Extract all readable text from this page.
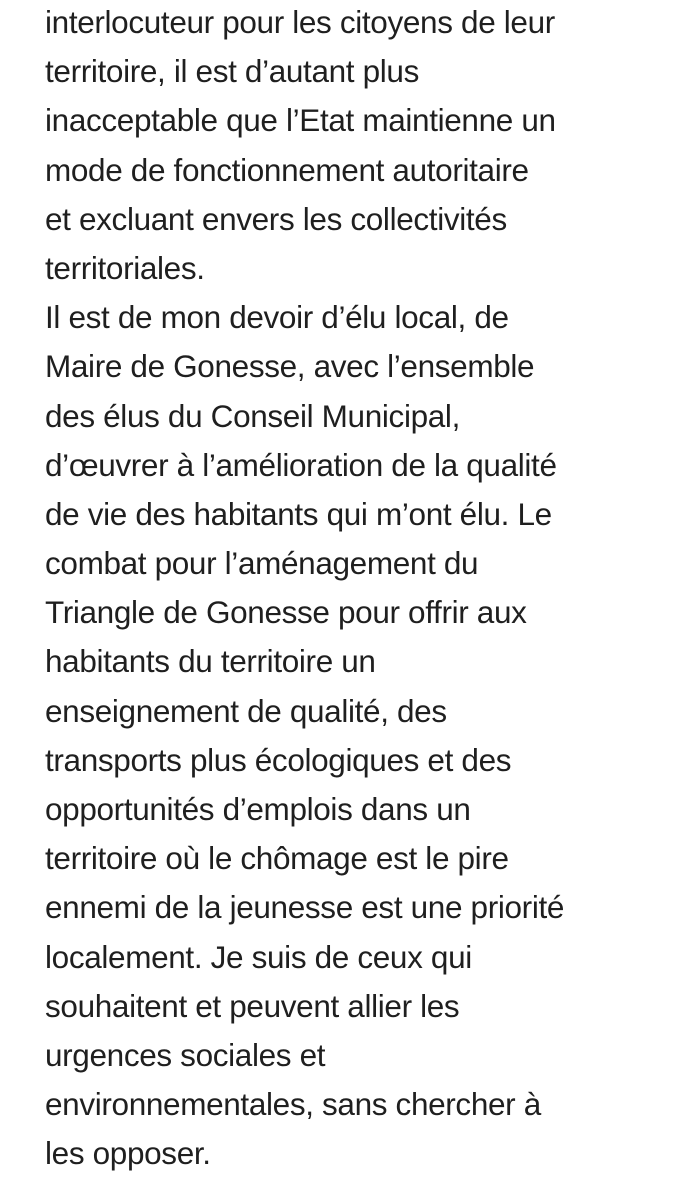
interlocuteur pour les citoyens de leur
territoire, il est d’autant plus
inacceptable que l’Etat maintienne un
mode de fonctionnement autoritaire
et excluant envers les collectivités
territoriales.
Il est de mon devoir d’élu local, de
Maire de Gonesse, avec l’ensemble
des élus du Conseil Municipal,
d’œuvrer à l’amélioration de la qualité
de vie des habitants qui m’ont élu. Le
combat pour l’aménagement du
Triangle de Gonesse pour offrir aux
habitants du territoire un
enseignement de qualité, des
transports plus écologiques et des
opportunités d’emplois dans un
territoire où le chômage est le pire
ennemi de la jeunesse est une priorité
localement. Je suis de ceux qui
souhaitent et peuvent allier les
urgences sociales et
environnementales, sans chercher à
les opposer.
